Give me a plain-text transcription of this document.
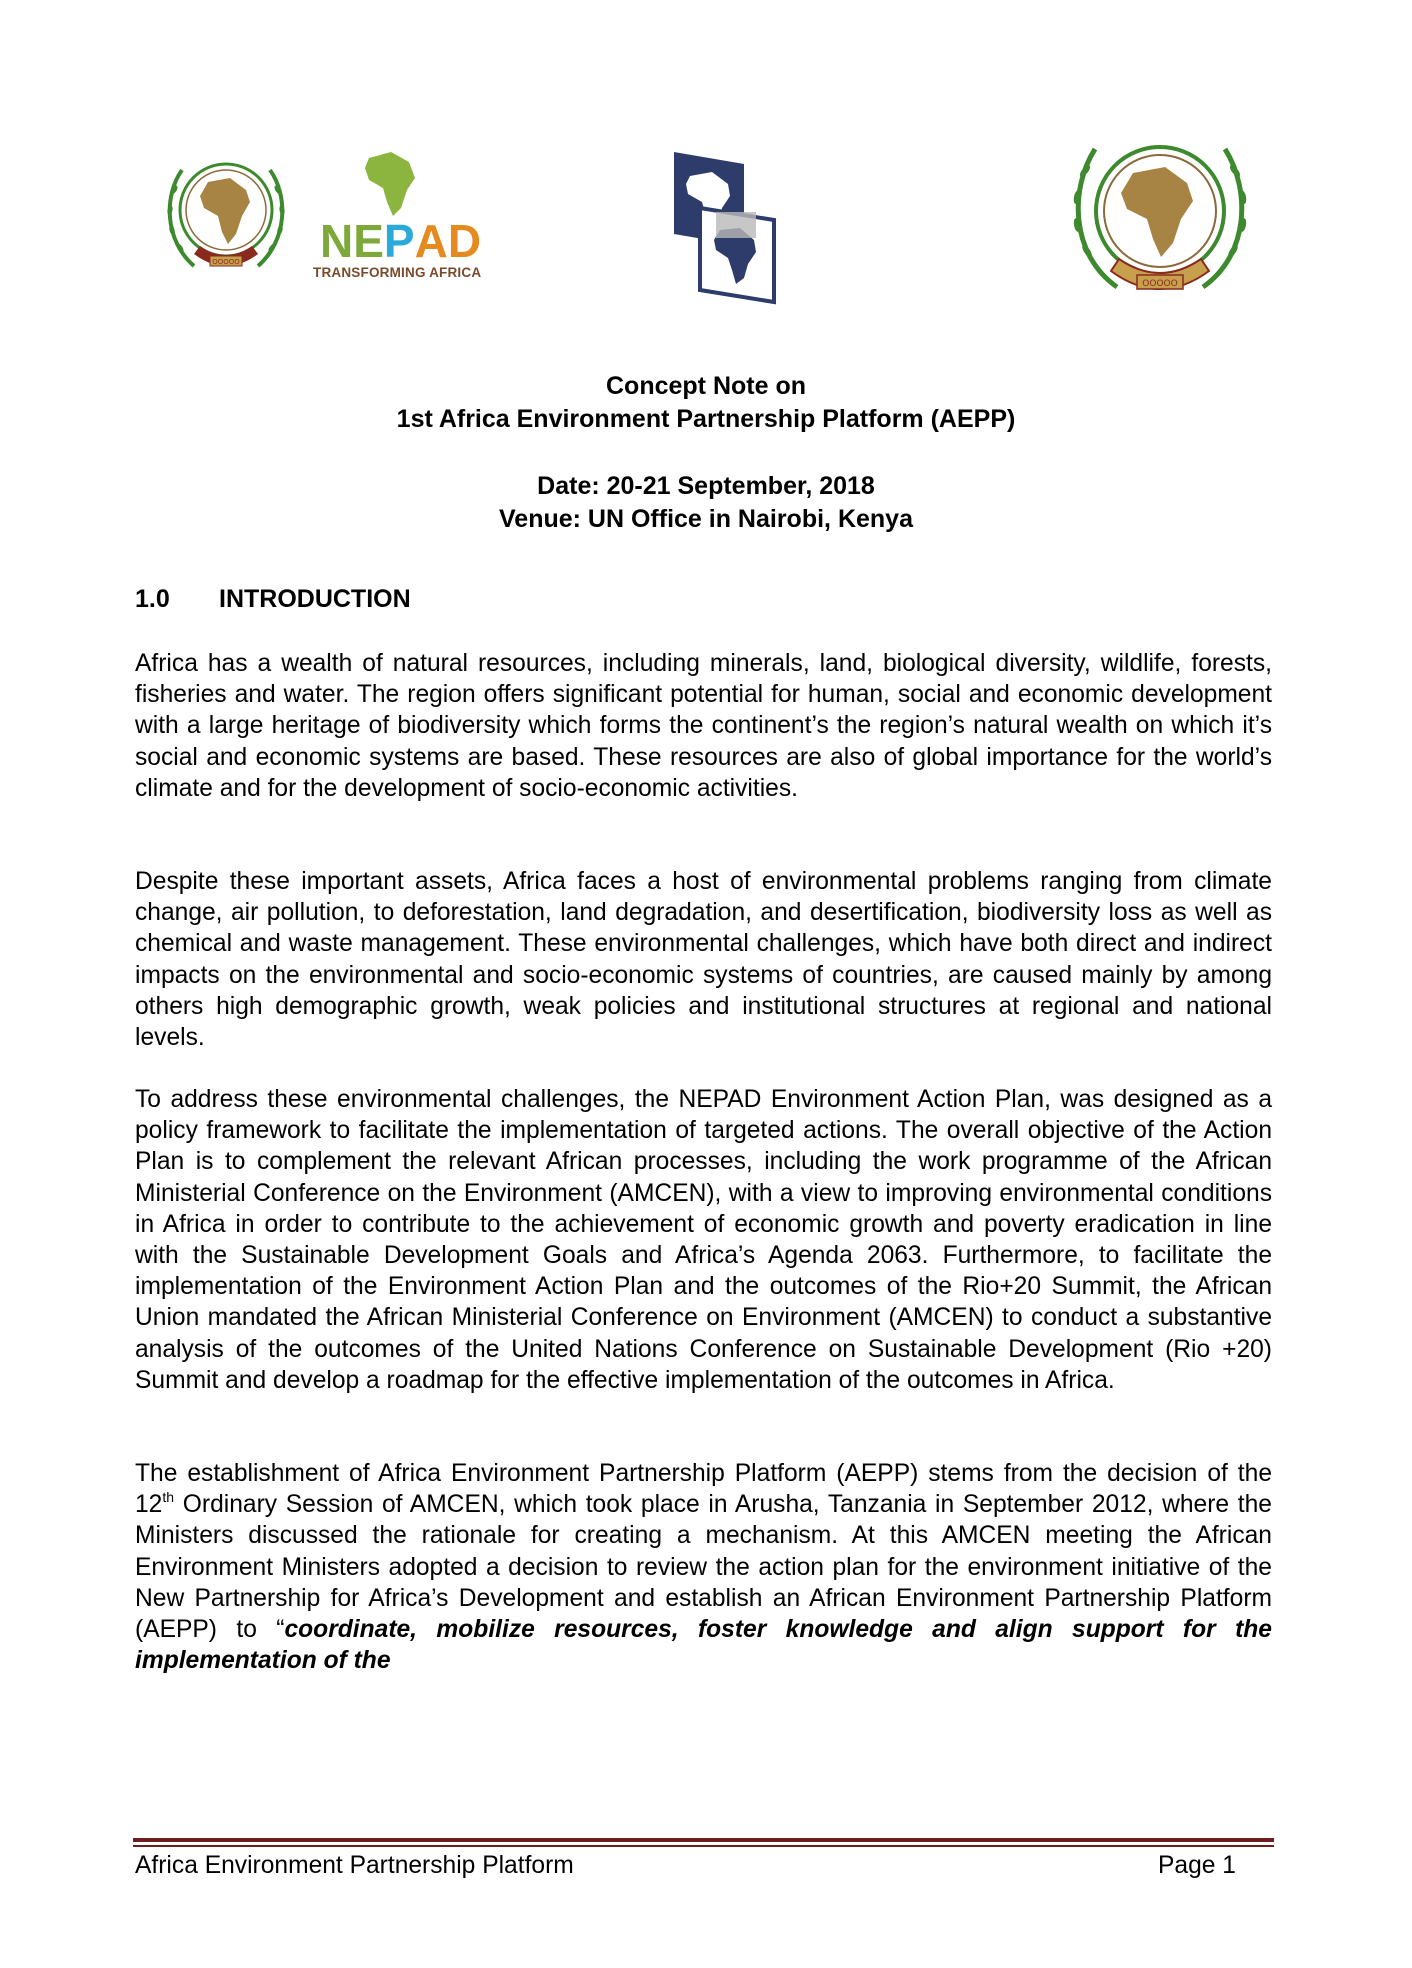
OOOOO NEPAD
TRANSFORMING AFRICA
OOOOO
Concept Note on
1st Africa Environment Partnership Platform (AEPP)
Date: 20-21 September, 2018
Venue: UN Office in Nairobi, Kenya
1.0 INTRODUCTION

Africa has a wealth of natural resources, including minerals, land, biological diversity, wildlife, forests, fisheries and water. The region offers significant potential for human, social and economic development with a large heritage of biodiversity which forms the continent’s the region’s natural wealth on which it’s social and economic systems are based. These resources are also of global importance for the world’s climate and for the development of socio-economic activities.

Despite these important assets, Africa faces a host of environmental problems ranging from climate change, air pollution, to deforestation, land degradation, and desertification, biodiversity loss as well as chemical and waste management. These environmental challenges, which have both direct and indirect impacts on the environmental and socio-economic systems of countries, are caused mainly by among others high demographic growth, weak policies and institutional structures at regional and national levels.

To address these environmental challenges, the NEPAD Environment Action Plan, was designed as a policy framework to facilitate the implementation of targeted actions. The overall objective of the Action Plan is to complement the relevant African processes, including the work programme of the African Ministerial Conference on the Environment (AMCEN), with a view to improving environmental conditions in Africa in order to contribute to the achievement of economic growth and poverty eradication in line with the Sustainable Development Goals and Africa’s Agenda 2063. Furthermore, to facilitate the implementation of the Environment Action Plan and the outcomes of the Rio+20 Summit, the African Union mandated the African Ministerial Conference on Environment (AMCEN) to conduct a substantive analysis of the outcomes of the United Nations Conference on Sustainable Development (Rio +20) Summit and develop a roadmap for the effective implementation of the outcomes in Africa.

The establishment of Africa Environment Partnership Platform (AEPP) stems from the decision of the 12th Ordinary Session of AMCEN, which took place in Arusha, Tanzania in September 2012, where the Ministers discussed the rationale for creating a mechanism. At this AMCEN meeting the African Environment Ministers adopted a decision to review the action plan for the environment initiative of the New Partnership for Africa’s Development and establish an African Environment Partnership Platform (AEPP) to “coordinate, mobilize resources, foster knowledge and align support for the implementation of the

Africa Environment Partnership Platform	Page 1
